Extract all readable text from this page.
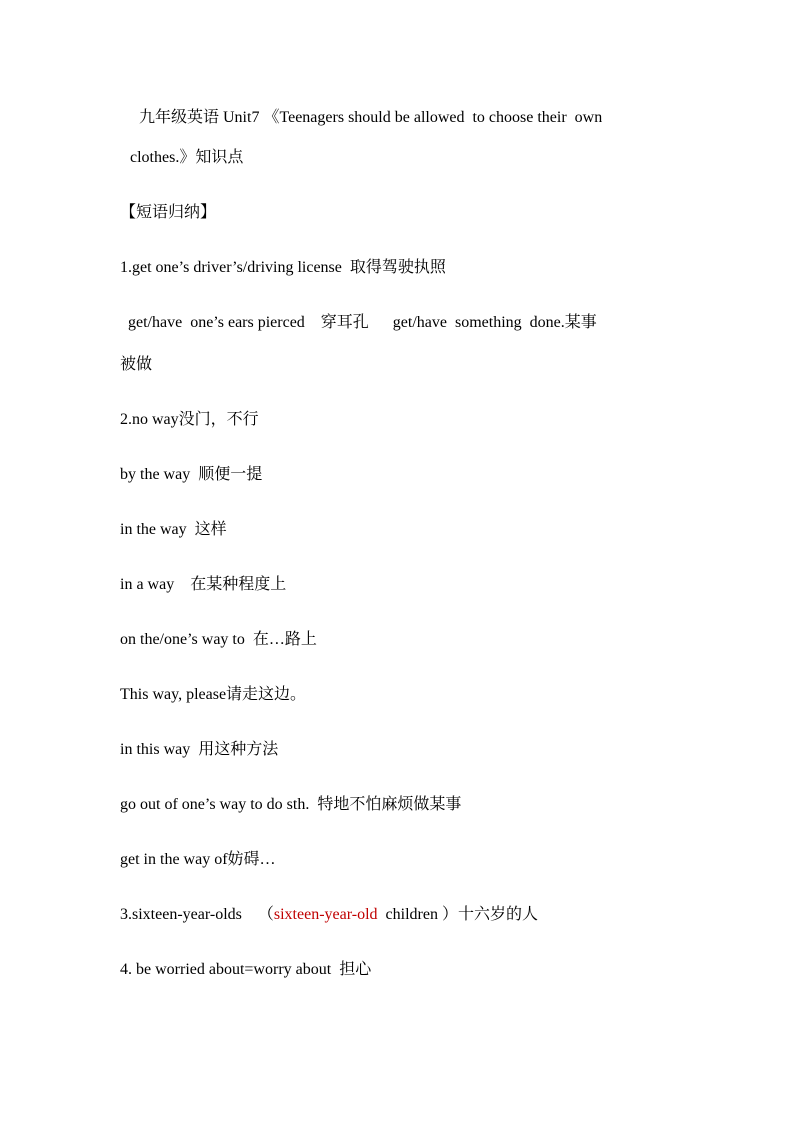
九年级英语 Unit7 《Teenagers should be allowed  to choose their  own
clothes.》知识点
【短语归纳】
1.get one’s driver’s/driving license  取得驾驶执照
get/have  one’s ears pierced    穿耳孔      get/have  something  done.某事
被做
2.no way没门，不行
by the way  顺便一提
in the way  这样
in a way    在某种程度上
on the/one’s way to  在…路上
This way, please请走这边。
in this way  用这种方法
go out of one’s way to do sth.  特地不怕麻烦做某事
get in the way of妨碍…
3.sixteen-year-olds    （sixteen-year-old  children ）十六岁的人
4. be worried about=worry about  担心
